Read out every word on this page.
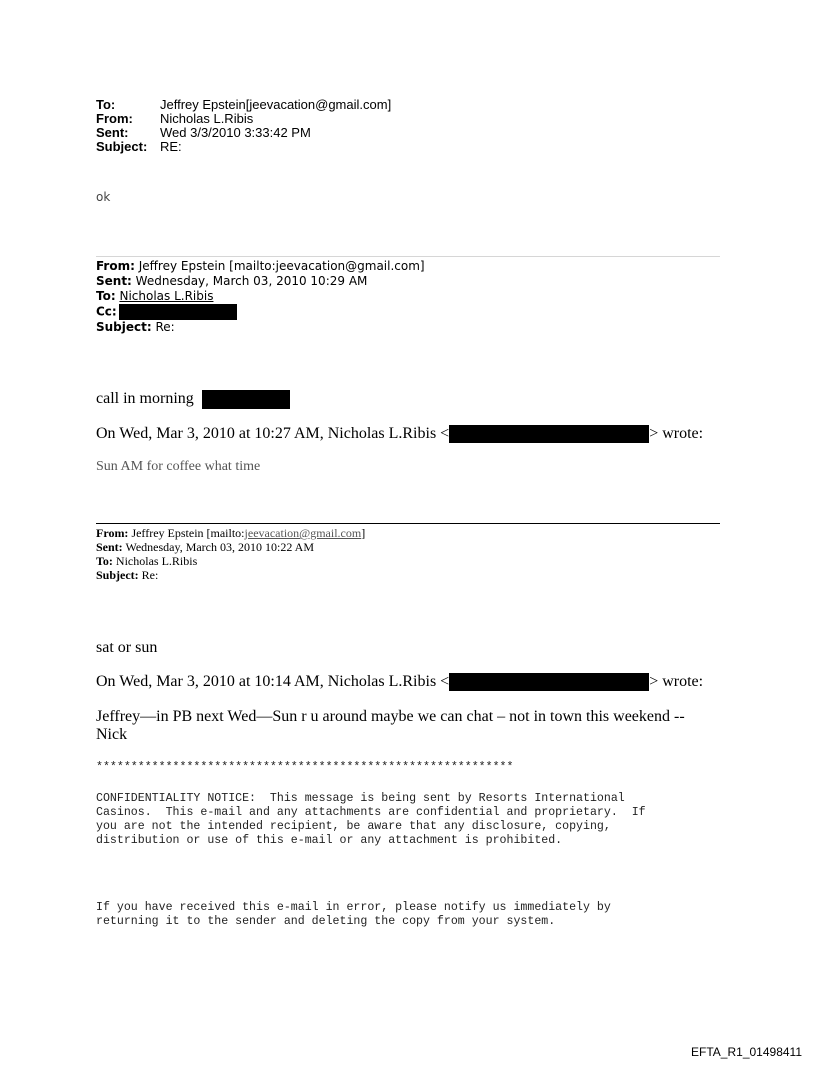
To:	Jeffrey Epstein[jeevacation@gmail.com]
From: Nicholas L.Ribis
Sent: Wed 3/3/2010 3:33:42 PM
Subject: RE:
ok
From: Jeffrey Epstein [mailto:jeevacation@gmail.com]
Sent: Wednesday, March 03, 2010 10:29 AM
To: Nicholas L.Ribis
Cc:
Subject: Re:
call in morning
On Wed, Mar 3, 2010 at 10:27 AM, Nicholas L.Ribis <	> wrote:
Sun AM for coffee what time
From: Jeffrey Epstein [mailto:jeevacation@gmail.com]
Sent: Wednesday, March 03, 2010 10:22 AM
To: Nicholas L.Ribis
Subject: Re:
sat or sun
On Wed, Mar 3, 2010 at 10:14 AM, Nicholas L.Ribis <	> wrote:
Jeffrey—in PB next Wed—Sun r u around maybe we can chat – not in town this weekend --
Nick
************************************************************
CONFIDENTIALITY NOTICE:  This message is being sent by Resorts International
Casinos.  This e-mail and any attachments are confidential and proprietary.  If
you are not the intended recipient, be aware that any disclosure, copying,
distribution or use of this e-mail or any attachment is prohibited.
If you have received this e-mail in error, please notify us immediately by
returning it to the sender and deleting the copy from your system.
EFTA_R1_01498411
